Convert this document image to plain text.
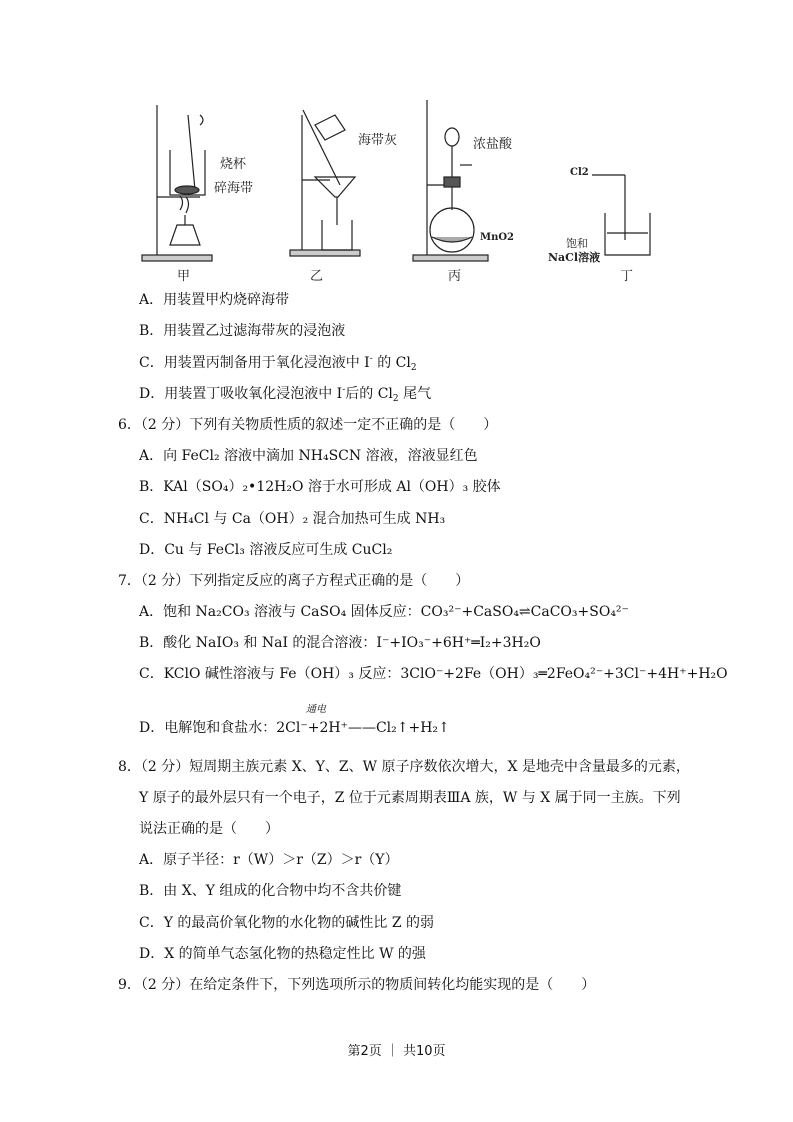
烧杯
碎海带
海带灰	浓盐酸
MnO2
Cl2
饱和
NaCl溶液
甲	乙	丙	丁
A．用装置甲灼烧碎海带
B．用装置乙过滤海带灰的浸泡液
C．用装置丙制备用于氧化浸泡液中 I- 的 $Cl_2$
D．用装置丁吸收氧化浸泡液中 I-后的 $Cl_2$ 尾气
6．（2 分）下列有关物质性质的叙述一定不正确的是（　　）
A．向 FeCl₂ 溶液中滴加 NH₄SCN 溶液，溶液显红色
B．KAl（SO₄）₂•12H₂O 溶于水可形成 Al（OH）₃ 胶体
C．NH₄Cl 与 Ca（OH）₂ 混合加热可生成 NH₃
D．Cu 与 FeCl₃ 溶液反应可生成 CuCl₂
7．（2 分）下列指定反应的离子方程式正确的是（　　）
A．饱和 Na₂CO₃ 溶液与 CaSO₄ 固体反应：CO₃²⁻+CaSO₄⇌CaCO₃+SO₄²⁻
B．酸化 NaIO₃ 和 NaI 的混合溶液：I⁻+IO₃⁻+6H⁺═I₂+3H₂O
C．KClO 碱性溶液与 Fe（OH）₃ 反应：3ClO⁻+2Fe（OH）₃═2FeO₄²⁻+3Cl⁻+4H⁺+H₂O
通电
D．电解饱和食盐水：2Cl⁻+2H⁺——Cl₂↑+H₂↑
8．（2 分）短周期主族元素 X、Y、Z、W 原子序数依次增大，X 是地壳中含量最多的元素，
Y 原子的最外层只有一个电子，Z 位于元素周期表ⅢA 族，W 与 X 属于同一主族。下列
说法正确的是（　　）
A．原子半径：r（W）＞r（Z）＞r（Y）
B．由 X、Y 组成的化合物中均不含共价键
C．Y 的最高价氧化物的水化物的碱性比 Z 的弱
D．X 的简单气态氢化物的热稳定性比 W 的强
9．（2 分）在给定条件下，下列选项所示的物质间转化均能实现的是（　　）
第2页 ｜ 共10页
